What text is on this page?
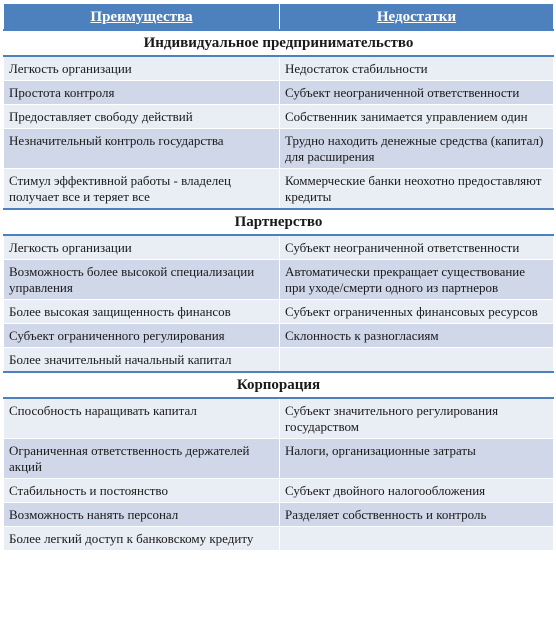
Преимущества	Недостатки
Индивидуальное предпринимательство	
Легкость организации	Недостаток стабильности
Простота контроля	Субъект неограниченной ответственности
Предоставляет свободу действий	Собственник занимается управлением один
Незначительный контроль государства	Трудно находить денежные средства (капитал) для расширения
Стимул эффективной работы - владелец получает все и теряет все	Коммерческие банки неохотно предоставляют кредиты
Партнерство	
Легкость организации	Субъект неограниченной ответственности
Возможность более высокой специализации управления	Автоматически прекращает существование при уходе/смерти одного из партнеров
Более высокая защищенность финансов	Субъект ограниченных финансовых ресурсов
Субъект ограниченного регулирования	Склонность к разногласиям
Более значительный начальный капитал	
Корпорация	
Способность наращивать капитал	Субъект значительного регулирования государством
Ограниченная ответственность держателей акций	Налоги, организационные затраты
Стабильность и постоянство	Субъект двойного налогообложения
Возможность нанять персонал	Разделяет собственность и контроль
Более легкий доступ к банковскому кредиту	
